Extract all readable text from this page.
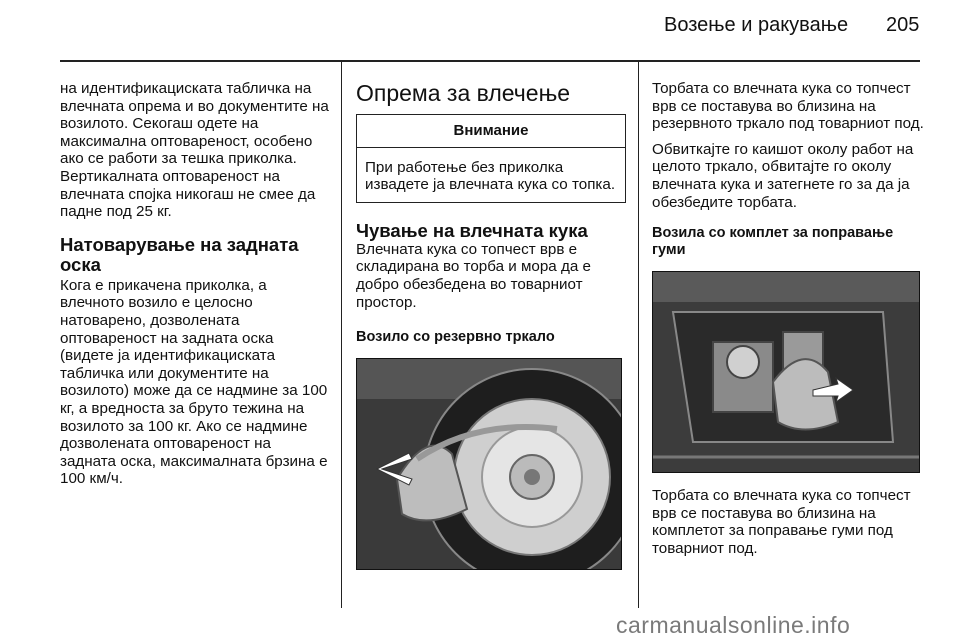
Возење и ракување 205

на идентификациската табличка на влечната опрема и во документите на возилото. Секогаш одете на максимална оптовареност, особено ако се работи за тешка приколка. Вертикалната оптовареност на влечната спојка никогаш не смее да падне под 25 кг.

Натоварување на задната оска

Кога е прикачена приколка, а влечното возило е целосно натоварено, дозволената оптовареност на задната оска (видете ја идентификациската табличка или документите на возилото) може да се надмине за 100 кг, а вредноста за бруто тежина на возилото за 100 кг. Ако се надмине дозволената оптовареност на задната оска, максималната брзина е 100 км/ч.

Опрема за влечење

Внимание
При работење без приколка извадете ја влечната кука со топка.

Чување на влечната кука

Влечната кука со топчест врв е складирана во торба и мора да е добро обезбедена во товарниот простор.

Возило со резервно тркало

Торбата со влечната кука со топчест врв се поставува во близина на резервното тркало под товарниот под.

Обвиткајте го каишот околу работ на целото тркало, обвитајте го околу влечната кука и затегнете го за да ја обезбедите торбата.

Возила со комплет за поправање гуми

Торбата со влечната кука со топчест врв се поставува во близина на комплетот за поправање гуми под товарниот под.

carmanualsonline.info
